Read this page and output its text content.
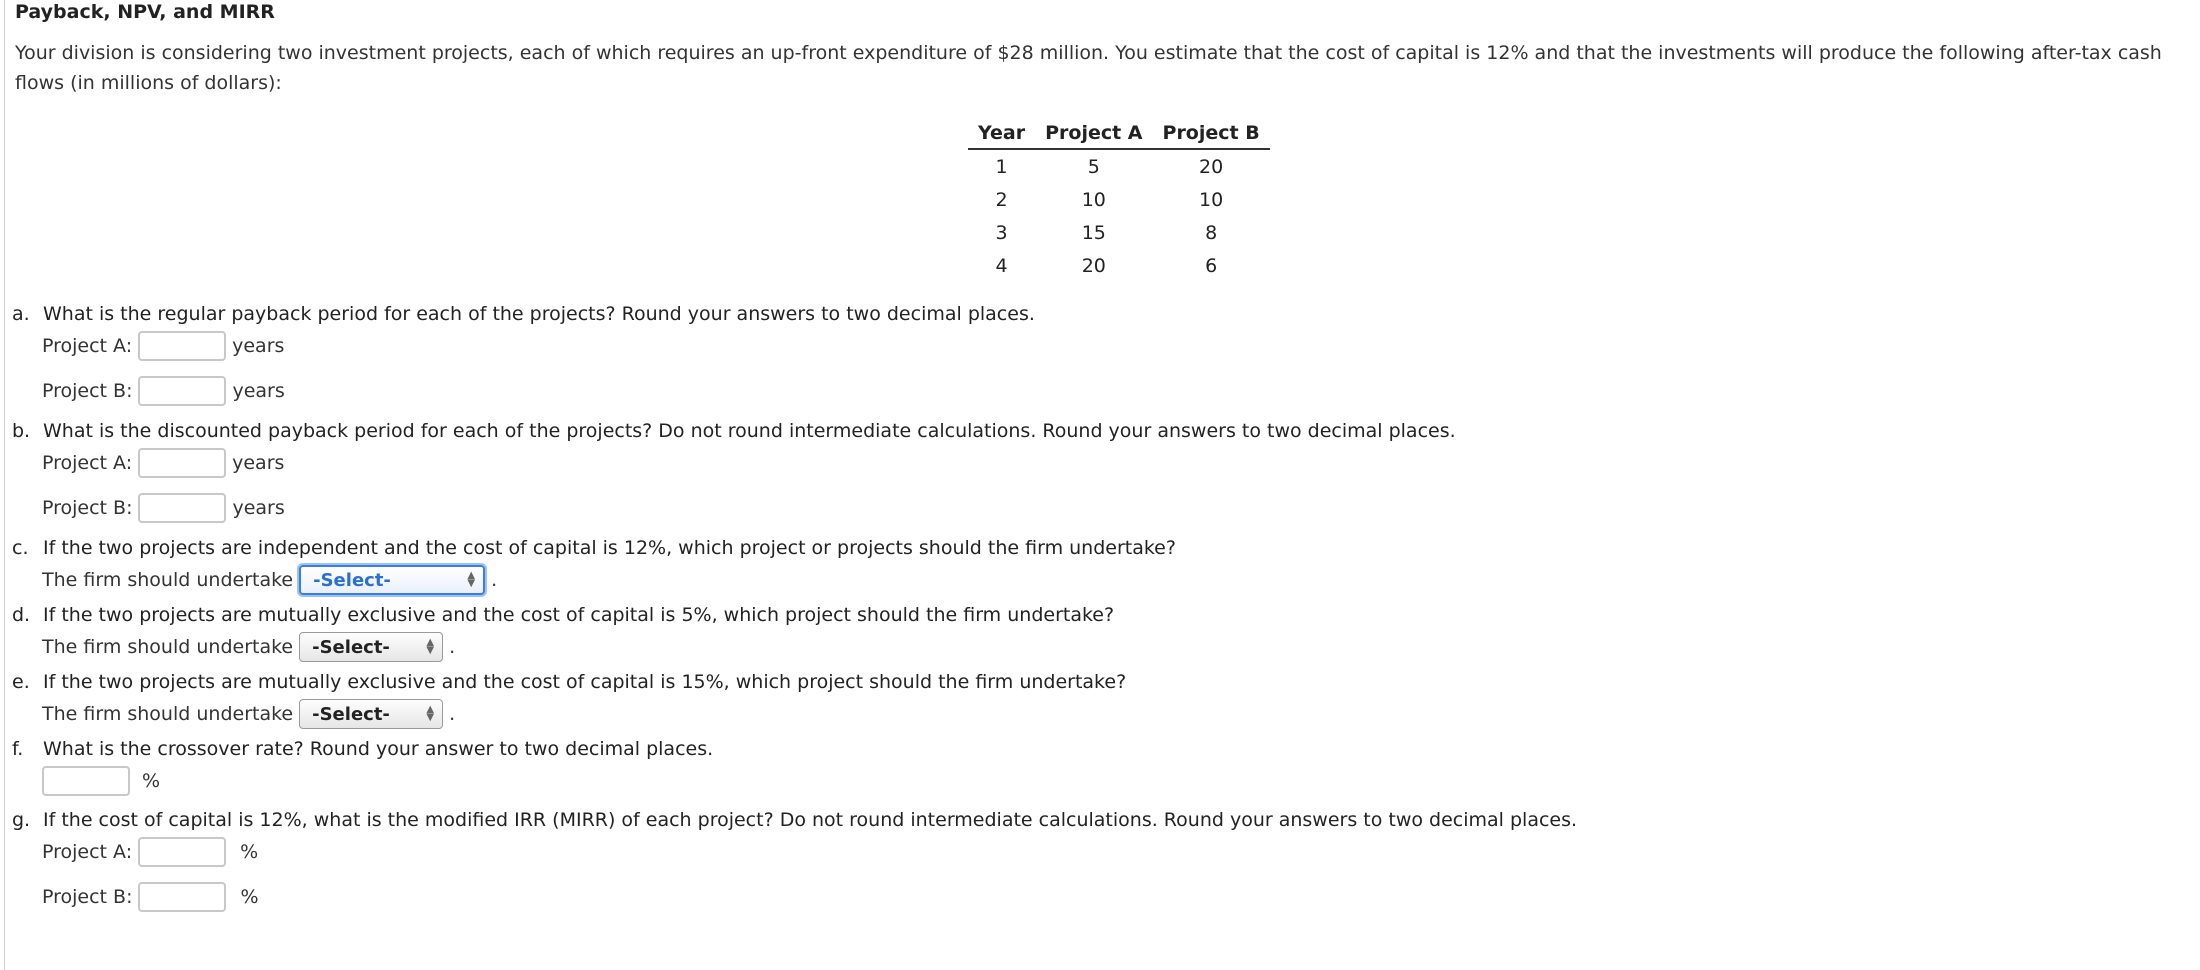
Payback, NPV, and MIRR
Your division is considering two investment projects, each of which requires an up-front expenditure of $28 million. You estimate that the cost of capital is 12% and that the investments will produce the following after-tax cash flows (in millions of dollars):
Year	Project A	Project B
1	5	20
2	10	10
3	15	8
4	20	6
a. What is the regular payback period for each of the projects? Round your answers to two decimal places.
Project A:	years
Project B:	years
b. What is the discounted payback period for each of the projects? Do not round intermediate calculations. Round your answers to two decimal places.
Project A:	years
Project B:	years
c. If the two projects are independent and the cost of capital is 12%, which project or projects should the firm undertake?
The firm should undertake -Select-	▲
▼ .
d. If the two projects are mutually exclusive and the cost of capital is 5%, which project should the firm undertake?
The firm should undertake -Select-	▲
▼ .
e. If the two projects are mutually exclusive and the cost of capital is 15%, which project should the firm undertake?
The firm should undertake -Select-	▲
▼ .
f. What is the crossover rate? Round your answer to two decimal places.
%
g. If the cost of capital is 12%, what is the modified IRR (MIRR) of each project? Do not round intermediate calculations. Round your answers to two decimal places.
Project A:	%
Project B:	%
